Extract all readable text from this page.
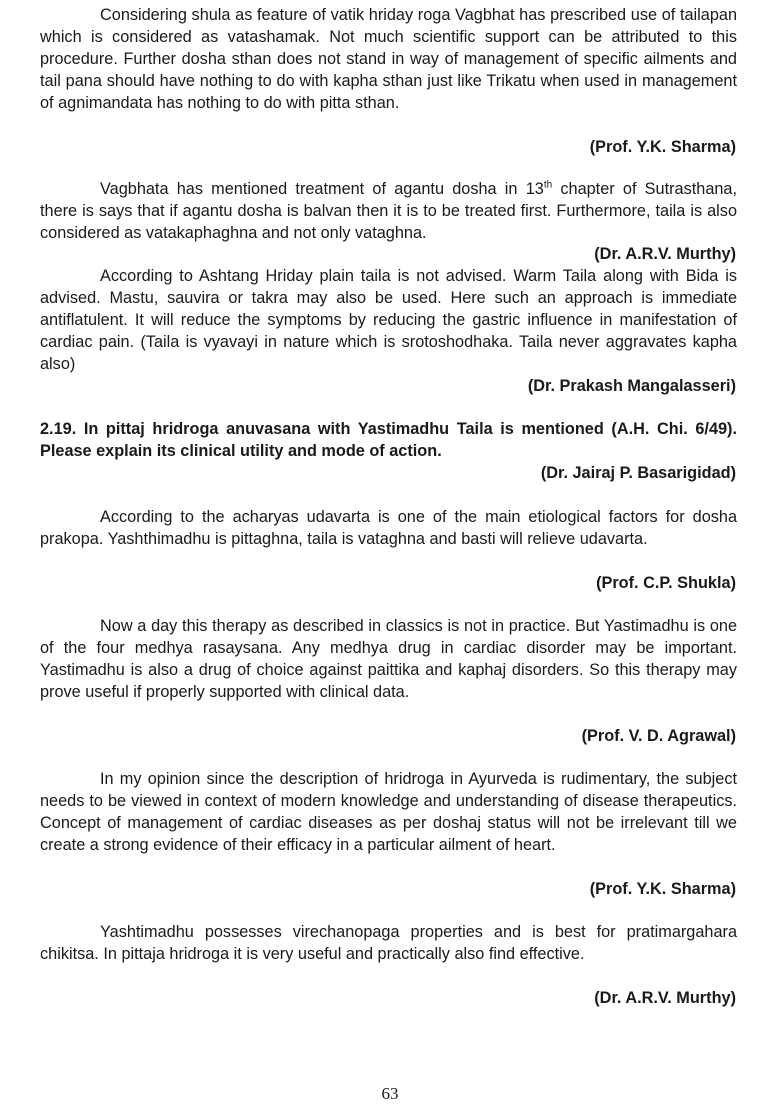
Considering shula as feature of vatik hriday roga Vagbhat has prescribed use of tailapan which is considered as vatashamak. Not much scientific support can be attributed to this procedure. Further dosha sthan does not stand in way of management of specific ailments and tail pana should have nothing to do with kapha sthan just like Trikatu when used in management of agnimandata has nothing to do with pitta sthan.

(Prof. Y.K. Sharma)

Vagbhata has mentioned treatment of agantu dosha in 13th chapter of Sutrasthana, there is says that if agantu dosha is balvan then it is to be treated first. Furthermore, taila is also considered as vatakaphaghna and not only vataghna.

(Dr. A.R.V. Murthy)

According to Ashtang Hriday plain taila is not advised. Warm Taila along with Bida is advised. Mastu, sauvira or takra may also be used. Here such an approach is immediate antiflatulent. It will reduce the symptoms by reducing the gastric influence in manifestation of cardiac pain. (Taila is vyavayi in nature which is srotoshodhaka. Taila never aggravates kapha also)

(Dr. Prakash Mangalasseri)

2.19. In pittaj hridroga anuvasana with Yastimadhu Taila is mentioned (A.H. Chi. 6/49). Please explain its clinical utility and mode of action.

(Dr. Jairaj P. Basarigidad)

According to the acharyas udavarta is one of the main etiological factors for dosha prakopa. Yashthimadhu is pittaghna, taila is vataghna and basti will relieve udavarta.

(Prof. C.P. Shukla)

Now a day this therapy as described in classics is not in practice. But Yastimadhu is one of the four medhya rasaysana. Any medhya drug in cardiac disorder may be important. Yastimadhu is also a drug of choice against paittika and kaphaj disorders. So this therapy may prove useful if properly supported with clinical data.

(Prof. V. D. Agrawal)

In my opinion since the description of hridroga in Ayurveda is rudimentary, the subject needs to be viewed in context of modern knowledge and understanding of disease therapeutics. Concept of management of cardiac diseases as per doshaj status will not be irrelevant till we create a strong evidence of their efficacy in a particular ailment of heart.

(Prof. Y.K. Sharma)

Yashtimadhu possesses virechanopaga properties and is best for pratimargahara chikitsa. In pittaja hridroga it is very useful and practically also find effective.

(Dr. A.R.V. Murthy)

63
